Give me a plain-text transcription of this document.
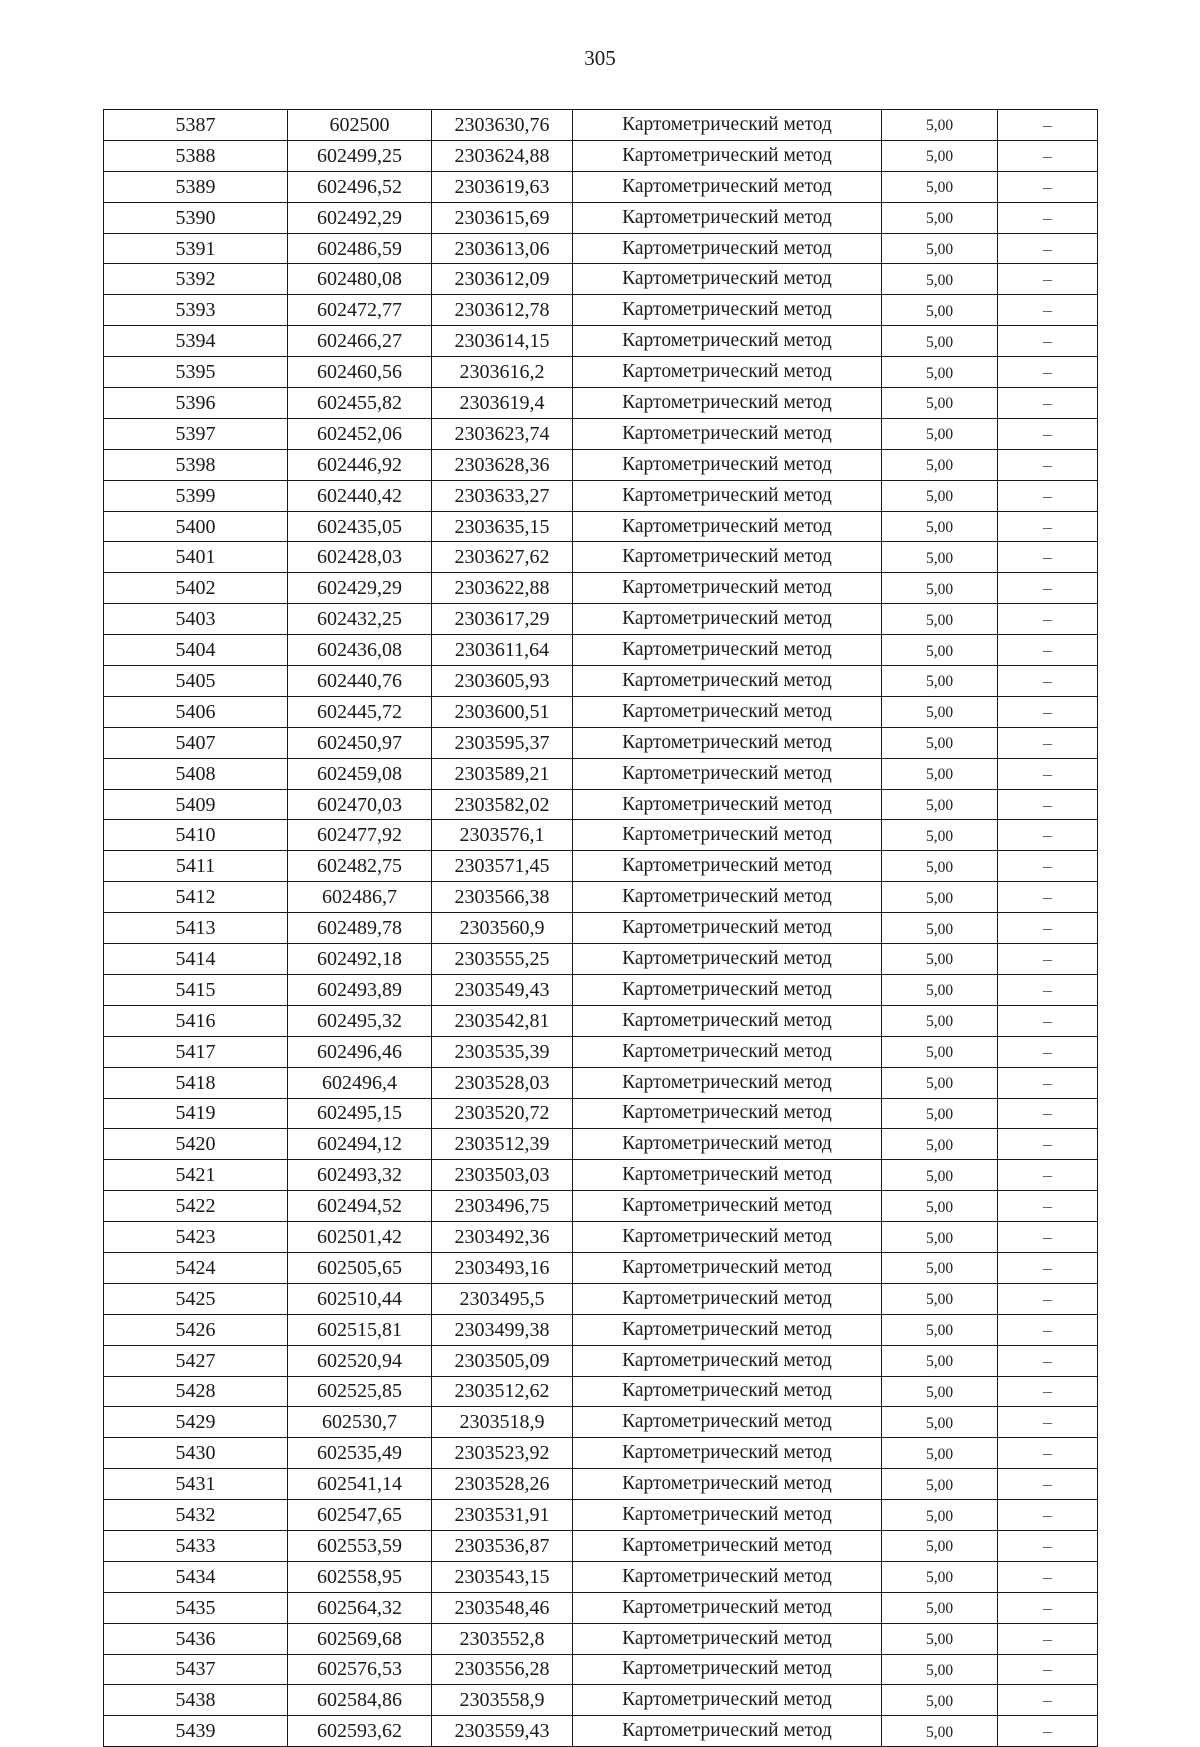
305
5387	602500	2303630,76	Картометрический метод	5,00	–
5388	602499,25	2303624,88	Картометрический метод	5,00	–
5389	602496,52	2303619,63	Картометрический метод	5,00	–
5390	602492,29	2303615,69	Картометрический метод	5,00	–
5391	602486,59	2303613,06	Картометрический метод	5,00	–
5392	602480,08	2303612,09	Картометрический метод	5,00	–
5393	602472,77	2303612,78	Картометрический метод	5,00	–
5394	602466,27	2303614,15	Картометрический метод	5,00	–
5395	602460,56	2303616,2	Картометрический метод	5,00	–
5396	602455,82	2303619,4	Картометрический метод	5,00	–
5397	602452,06	2303623,74	Картометрический метод	5,00	–
5398	602446,92	2303628,36	Картометрический метод	5,00	–
5399	602440,42	2303633,27	Картометрический метод	5,00	–
5400	602435,05	2303635,15	Картометрический метод	5,00	–
5401	602428,03	2303627,62	Картометрический метод	5,00	–
5402	602429,29	2303622,88	Картометрический метод	5,00	–
5403	602432,25	2303617,29	Картометрический метод	5,00	–
5404	602436,08	2303611,64	Картометрический метод	5,00	–
5405	602440,76	2303605,93	Картометрический метод	5,00	–
5406	602445,72	2303600,51	Картометрический метод	5,00	–
5407	602450,97	2303595,37	Картометрический метод	5,00	–
5408	602459,08	2303589,21	Картометрический метод	5,00	–
5409	602470,03	2303582,02	Картометрический метод	5,00	–
5410	602477,92	2303576,1	Картометрический метод	5,00	–
5411	602482,75	2303571,45	Картометрический метод	5,00	–
5412	602486,7	2303566,38	Картометрический метод	5,00	–
5413	602489,78	2303560,9	Картометрический метод	5,00	–
5414	602492,18	2303555,25	Картометрический метод	5,00	–
5415	602493,89	2303549,43	Картометрический метод	5,00	–
5416	602495,32	2303542,81	Картометрический метод	5,00	–
5417	602496,46	2303535,39	Картометрический метод	5,00	–
5418	602496,4	2303528,03	Картометрический метод	5,00	–
5419	602495,15	2303520,72	Картометрический метод	5,00	–
5420	602494,12	2303512,39	Картометрический метод	5,00	–
5421	602493,32	2303503,03	Картометрический метод	5,00	–
5422	602494,52	2303496,75	Картометрический метод	5,00	–
5423	602501,42	2303492,36	Картометрический метод	5,00	–
5424	602505,65	2303493,16	Картометрический метод	5,00	–
5425	602510,44	2303495,5	Картометрический метод	5,00	–
5426	602515,81	2303499,38	Картометрический метод	5,00	–
5427	602520,94	2303505,09	Картометрический метод	5,00	–
5428	602525,85	2303512,62	Картометрический метод	5,00	–
5429	602530,7	2303518,9	Картометрический метод	5,00	–
5430	602535,49	2303523,92	Картометрический метод	5,00	–
5431	602541,14	2303528,26	Картометрический метод	5,00	–
5432	602547,65	2303531,91	Картометрический метод	5,00	–
5433	602553,59	2303536,87	Картометрический метод	5,00	–
5434	602558,95	2303543,15	Картометрический метод	5,00	–
5435	602564,32	2303548,46	Картометрический метод	5,00	–
5436	602569,68	2303552,8	Картометрический метод	5,00	–
5437	602576,53	2303556,28	Картометрический метод	5,00	–
5438	602584,86	2303558,9	Картометрический метод	5,00	–
5439	602593,62	2303559,43	Картометрический метод	5,00	–
